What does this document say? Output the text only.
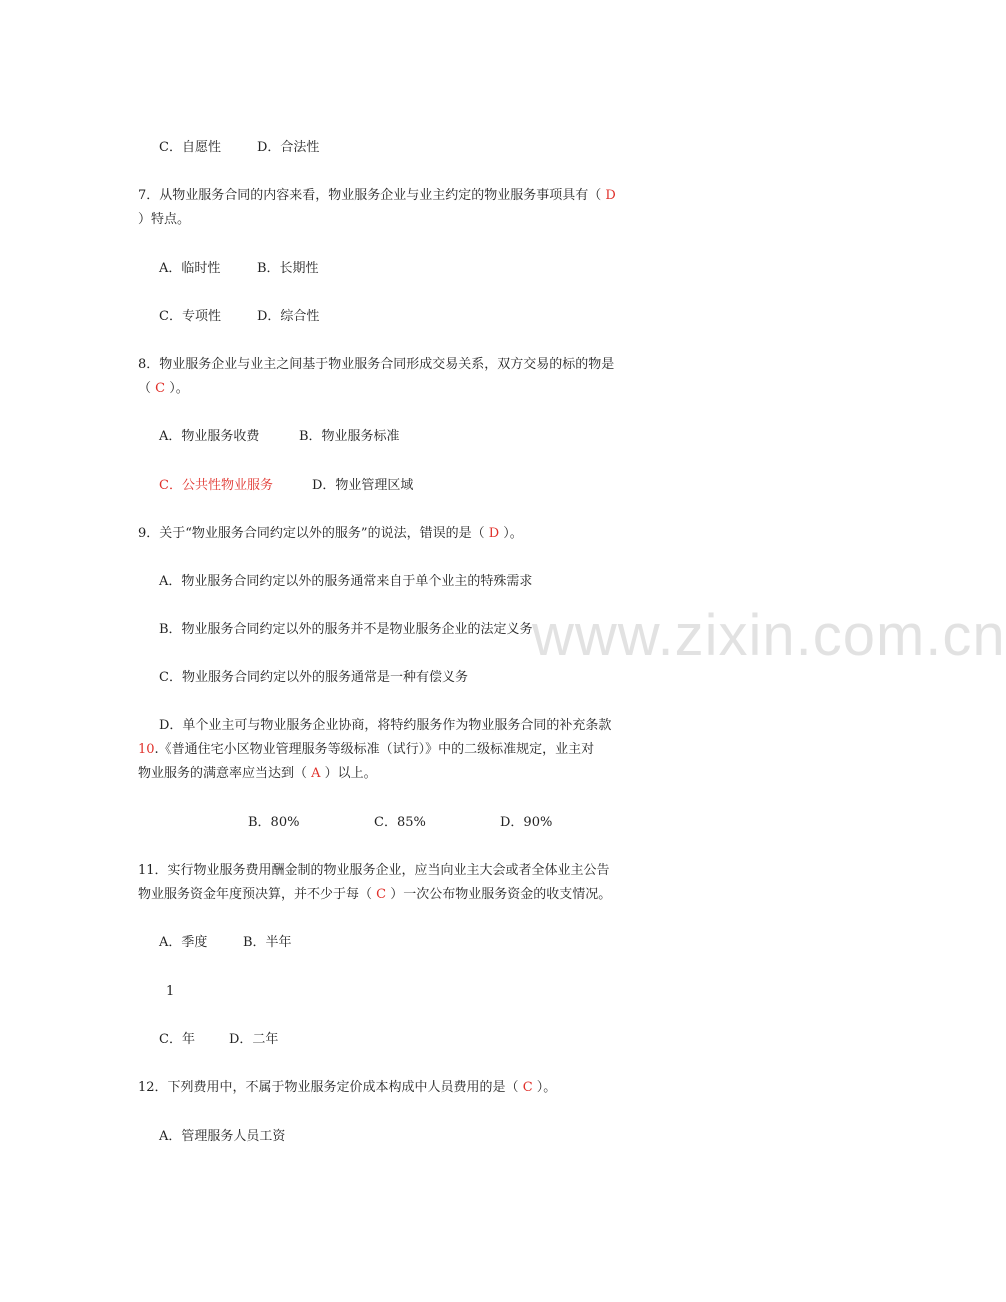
www.zixin.com.cn
C．自愿性	D．合法性
7．从物业服务合同的内容来看，物业服务企业与业主约定的物业服务事项具有（ D
）特点。
A．临时性	B．长期性
C．专项性	D．综合性
8．物业服务企业与业主之间基于物业服务合同形成交易关系，双方交易的标的物是
（ C ）。
A．物业服务收费	B．物业服务标准
C．公共性物业服务	D．物业管理区域
9．关于“物业服务合同约定以外的服务”的说法，错误的是（ D ）。
A．物业服务合同约定以外的服务通常来自于单个业主的特殊需求
B．物业服务合同约定以外的服务并不是物业服务企业的法定义务
C．物业服务合同约定以外的服务通常是一种有偿义务
D．单个业主可与物业服务企业协商，将特约服务作为物业服务合同的补充条款
10.《普通住宅小区物业管理服务等级标准（试行）》中的二级标准规定，业主对
物业服务的满意率应当达到（ A ）以上。
B．80%	C．85%	D．90%
11．实行物业服务费用酬金制的物业服务企业，应当向业主大会或者全体业主公告
物业服务资金年度预决算，并不少于每（ C ）一次公布物业服务资金的收支情况。
A．季度	B．半年
1
C．年	D．二年
12．下列费用中，不属于物业服务定价成本构成中人员费用的是（ C ）。
A．管理服务人员工资
